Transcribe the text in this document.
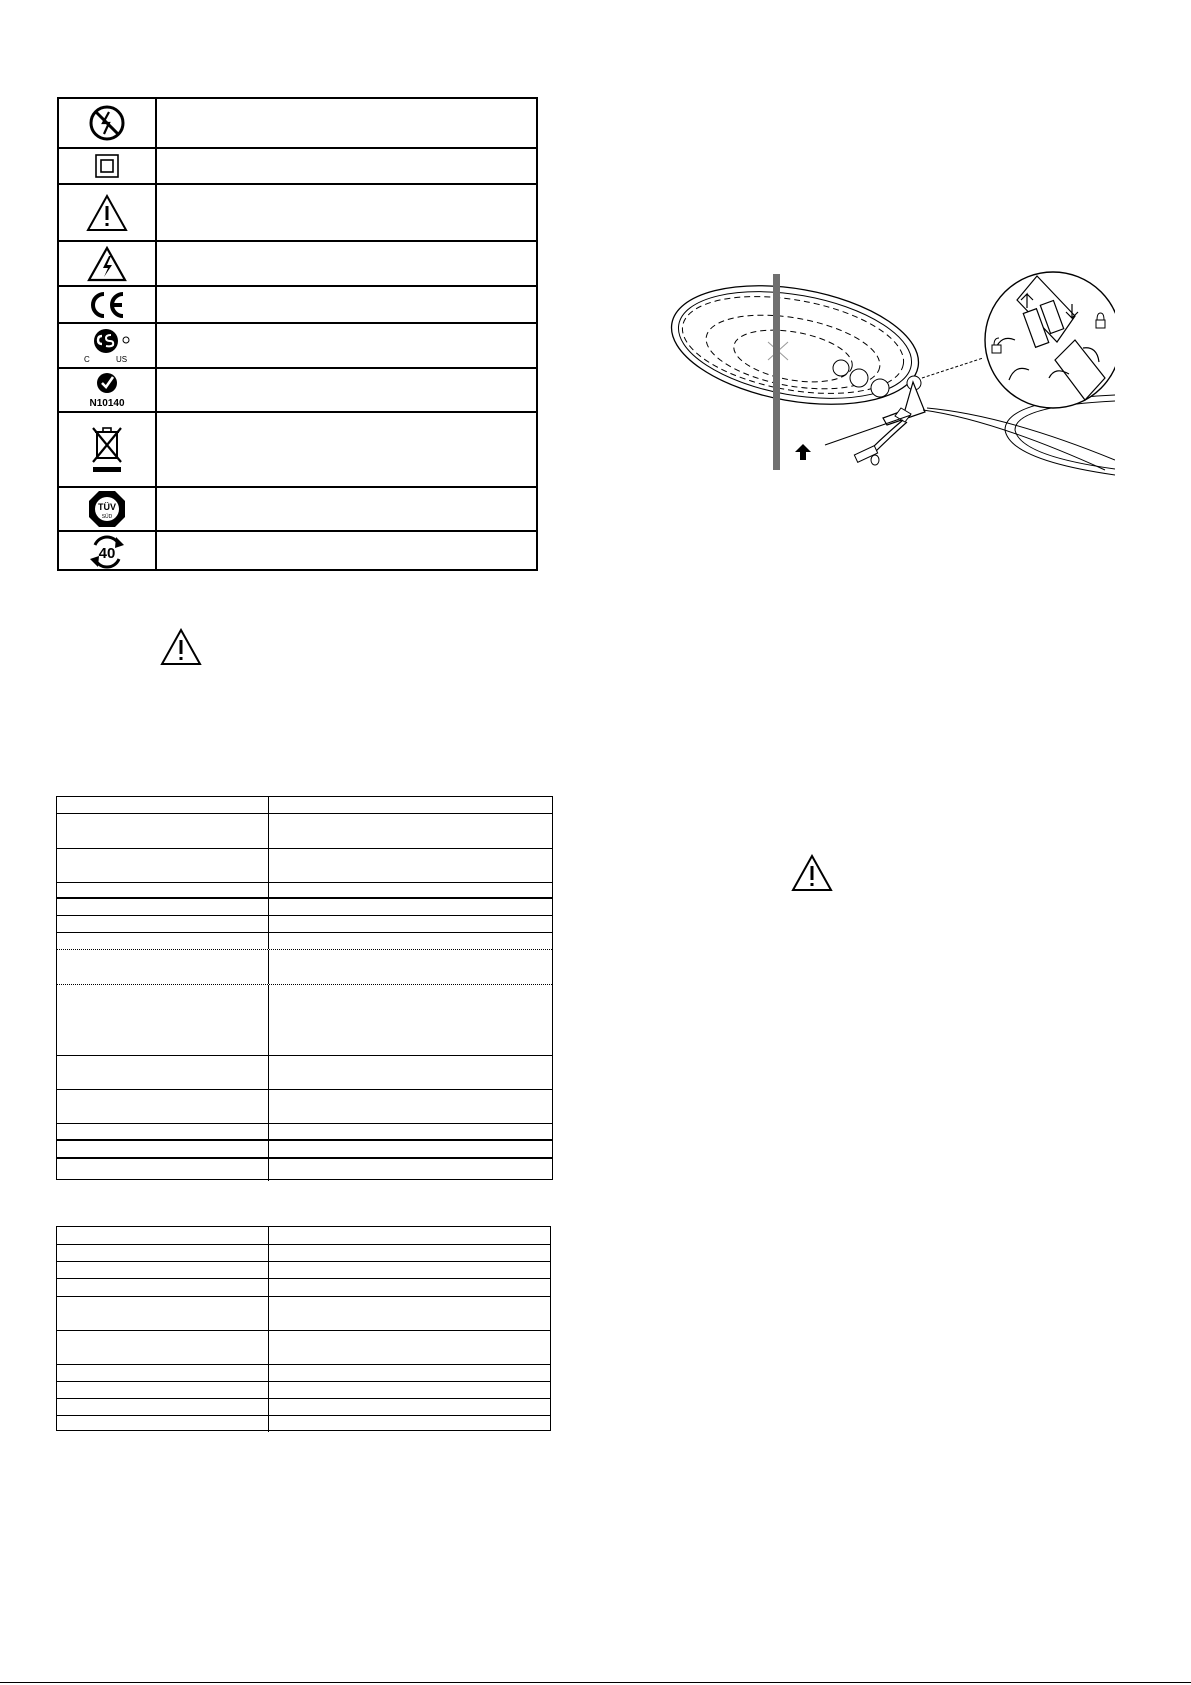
C	US
N10140
TÜV
SÜD
40
